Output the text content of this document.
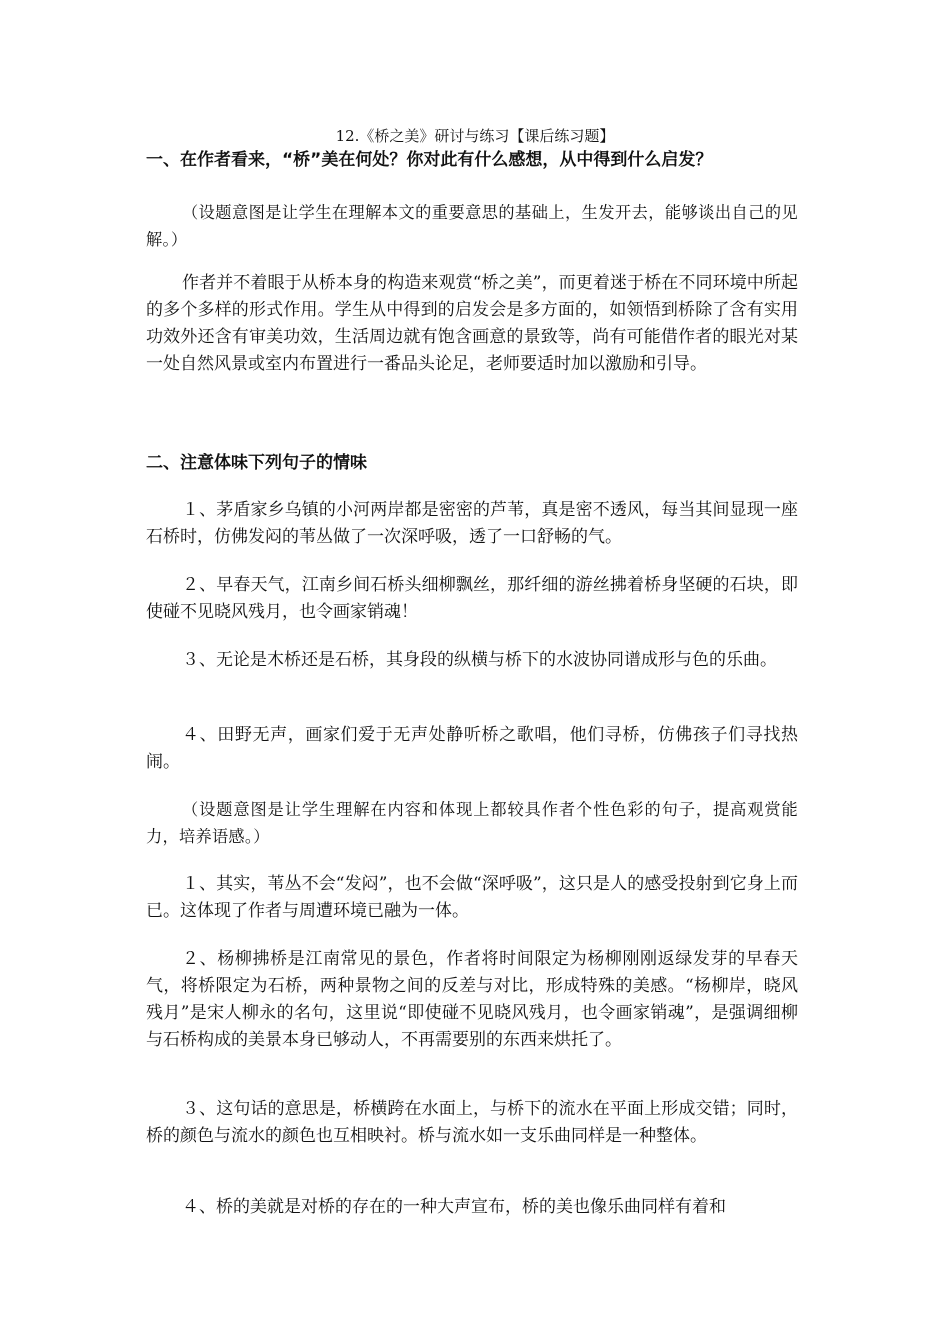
12.《桥之美》研讨与练习【课后练习题】

一、在作者看来，“桥”美在何处？你对此有什么感想，从中得到什么启发？

（设题意图是让学生在理解本文的重要意思的基础上，生发开去，能够谈出自己的见解。）

作者并不着眼于从桥本身的构造来观赏“桥之美”，而更着迷于桥在不同环境中所起的多个多样的形式作用。学生从中得到的启发会是多方面的，如领悟到桥除了含有实用功效外还含有审美功效，生活周边就有饱含画意的景致等，尚有可能借作者的眼光对某一处自然风景或室内布置进行一番品头论足，老师要适时加以激励和引导。

二、注意体味下列句子的情味

１、茅盾家乡乌镇的小河两岸都是密密的芦苇，真是密不透风，每当其间显现一座石桥时，仿佛发闷的苇丛做了一次深呼吸，透了一口舒畅的气。

２、早春天气，江南乡间石桥头细柳飘丝，那纤细的游丝拂着桥身坚硬的石块，即使碰不见晓风残月，也令画家销魂！

３、无论是木桥还是石桥，其身段的纵横与桥下的水波协同谱成形与色的乐曲。

４、田野无声，画家们爱于无声处静听桥之歌唱，他们寻桥，仿佛孩子们寻找热闹。

（设题意图是让学生理解在内容和体现上都较具作者个性色彩的句子，提高观赏能力，培养语感。）

１、其实，苇丛不会“发闷”，也不会做“深呼吸”，这只是人的感受投射到它身上而已。这体现了作者与周遭环境已融为一体。

２、杨柳拂桥是江南常见的景色，作者将时间限定为杨柳刚刚返绿发芽的早春天气，将桥限定为石桥，两种景物之间的反差与对比，形成特殊的美感。“杨柳岸，晓风残月”是宋人柳永的名句，这里说“即使碰不见晓风残月，也令画家销魂”，是强调细柳与石桥构成的美景本身已够动人，不再需要别的东西来烘托了。

３、这句话的意思是，桥横跨在水面上，与桥下的流水在平面上形成交错；同时，桥的颜色与流水的颜色也互相映衬。桥与流水如一支乐曲同样是一种整体。

４、桥的美就是对桥的存在的一种大声宣布，桥的美也像乐曲同样有着和
